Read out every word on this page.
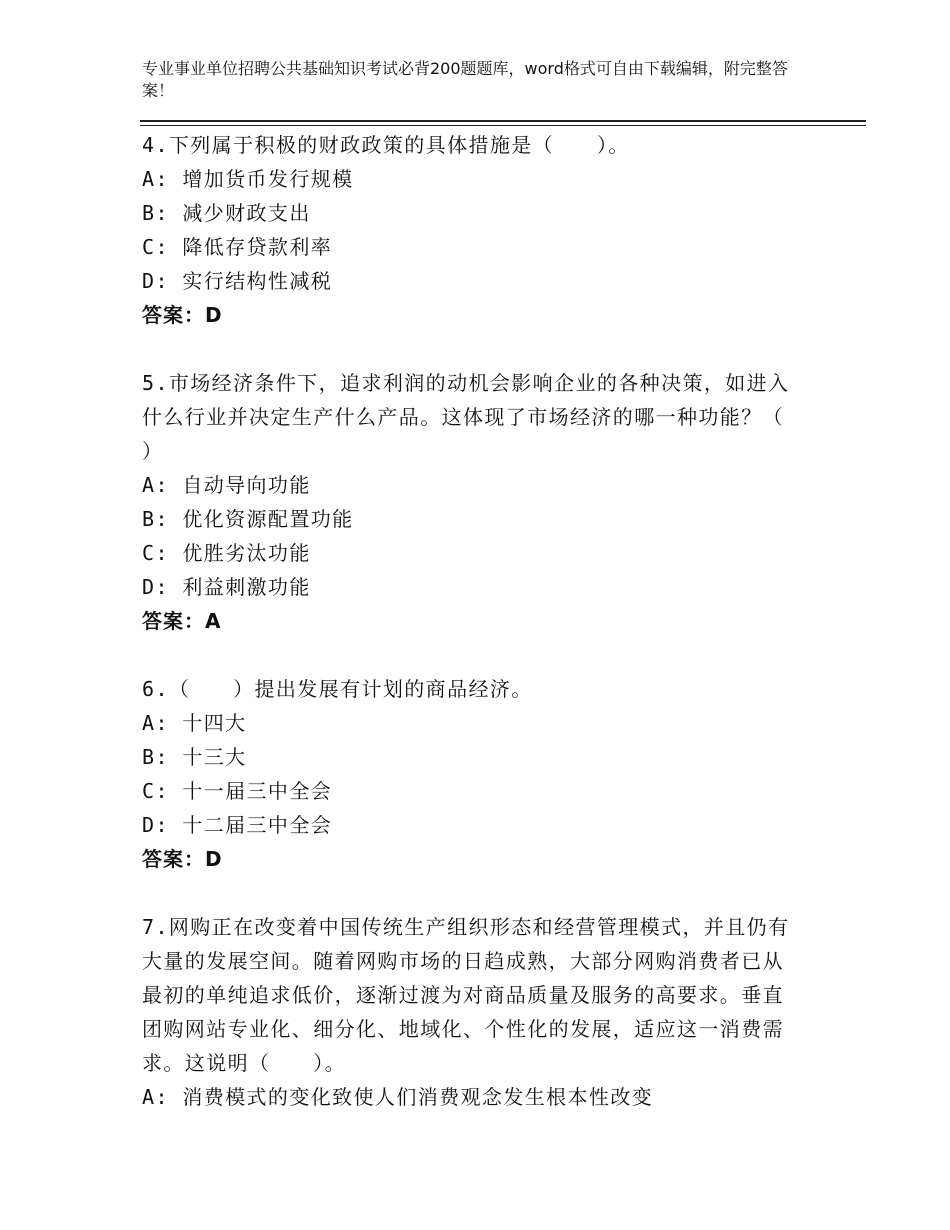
专业事业单位招聘公共基础知识考试必背200题题库，word格式可自由下载编辑，附完整答案！
4.下列属于积极的财政政策的具体措施是（　　）。
A: 增加货币发行规模
B: 减少财政支出
C: 降低存贷款利率
D: 实行结构性减税
答案：D
5.市场经济条件下，追求利润的动机会影响企业的各种决策，如进入什么行业并决定生产什么产品。这体现了市场经济的哪一种功能？（ ）
A: 自动导向功能
B: 优化资源配置功能
C: 优胜劣汰功能
D: 利益刺激功能
答案：A
6.（　　）提出发展有计划的商品经济。
A: 十四大
B: 十三大
C: 十一届三中全会
D: 十二届三中全会
答案：D
7.网购正在改变着中国传统生产组织形态和经营管理模式，并且仍有大量的发展空间。随着网购市场的日趋成熟，大部分网购消费者已从最初的单纯追求低价，逐渐过渡为对商品质量及服务的高要求。垂直团购网站专业化、细分化、地域化、个性化的发展，适应这一消费需求。这说明（　　）。
A: 消费模式的变化致使人们消费观念发生根本性改变
